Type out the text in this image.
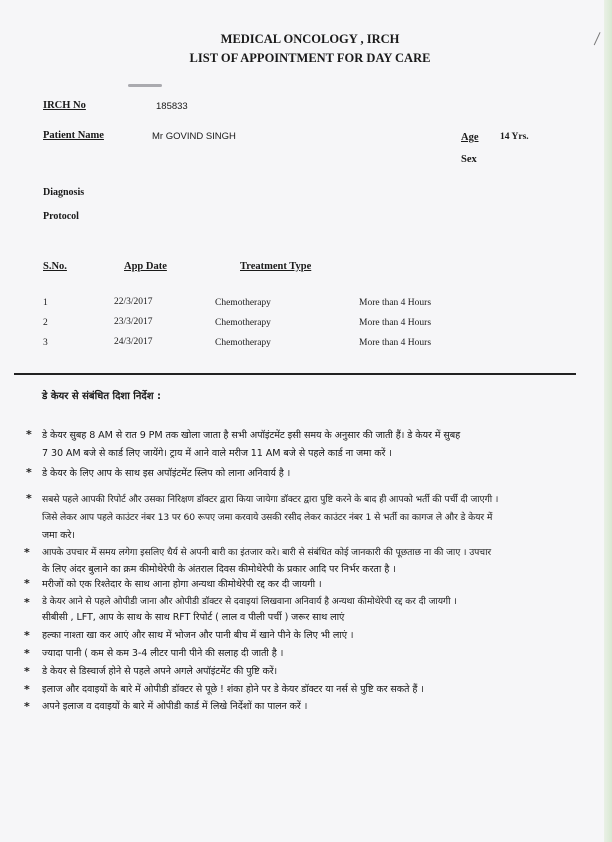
MEDICAL ONCOLOGY , IRCH
LIST OF APPOINTMENT FOR DAY CARE
IRCH No	185833
Patient Name	Mr GOVIND SINGH	Age 14 Yrs.
Sex
Diagnosis
Protocol
S.No.	App Date	Treatment Type
1	22/3/2017	Chemotherapy	More than 4 Hours
2	23/3/2017	Chemotherapy	More than 4 Hours
3	24/3/2017	Chemotherapy	More than 4 Hours
डे केयर से संबंधित दिशा निर्देश :
*
*
*
*
*
*
*
*
*
*
*
डे केयर सुबह 8 AM से रात 9 PM तक खोला जाता है सभी अपॉइंटमेंट इसी समय के अनुसार की जाती हैं। डे केयर में सुबह
7 30 AM बजे से कार्ड लिए जायेंगे। ट्राय में आने वाले मरीज 11 AM बजे से पहले कार्ड ना जमा करें ।
डे केयर के लिए आप के साथ इस अपॉइंटमेंट स्लिप को लाना अनिवार्य है ।
सबसे पहले आपकी रिपोर्ट और उसका निरिक्षण डॉक्टर द्वारा किया जायेगा डॉक्टर द्वारा पुष्टि करने के बाद ही आपको भर्ती की पर्ची दी जाएगी ।
जिसे लेकर आप पहले काउंटर नंबर 13 पर 60 रूपए जमा करवाये उसकी रसीद लेकर काउंटर नंबर 1 से भर्ती का कागज ले और डे केयर में
जमा करे।
आपके उपचार में समय लगेगा इसलिए धैर्य से अपनी बारी का इंतजार करे। बारी से संबंधित कोई जानकारी की पूछताछ ना की जाए । उपचार
के लिए अंदर बुलाने का क्रम कीमोथेरेपी के अंतराल दिवस कीमोथेरेपी के प्रकार आदि पर निर्भर करता है ।
मरीजों को एक रिश्तेदार के साथ आना होगा अन्यथा कीमोथेरेपी रद्द कर दी जायगी ।
डे केयर आने से पहले ओपीडी जाना और ओपीडी डॉक्टर से दवाइयां लिखवाना अनिवार्य है अन्यथा कीमोथेरेपी रद्द कर दी जायगी ।
सीबीसी , LFT, आप के साथ के साथ RFT रिपोर्ट ( लाल व पीली पर्ची ) जरूर साथ लाएं
हल्का नाश्ता खा कर आएं और साथ में भोजन और पानी बीच में खाने पीने के लिए भी लाएं ।
ज्यादा पानी ( कम से कम 3-4 लीटर पानी पीने की सलाह दी जाती है ।
डे केयर से डिस्चार्ज होने से पहले अपने अगले अपॉइंटमेंट की पुष्टि करें।
इलाज और दवाइयों के बारे में ओपीडी डॉक्टर से पूछे ! शंका होने पर डे केयर डॉक्टर या नर्स से पुष्टि कर सकते हैं ।
अपने इलाज व दवाइयों के बारे में ओपीडी कार्ड में लिखे निर्देशों का पालन करें ।
